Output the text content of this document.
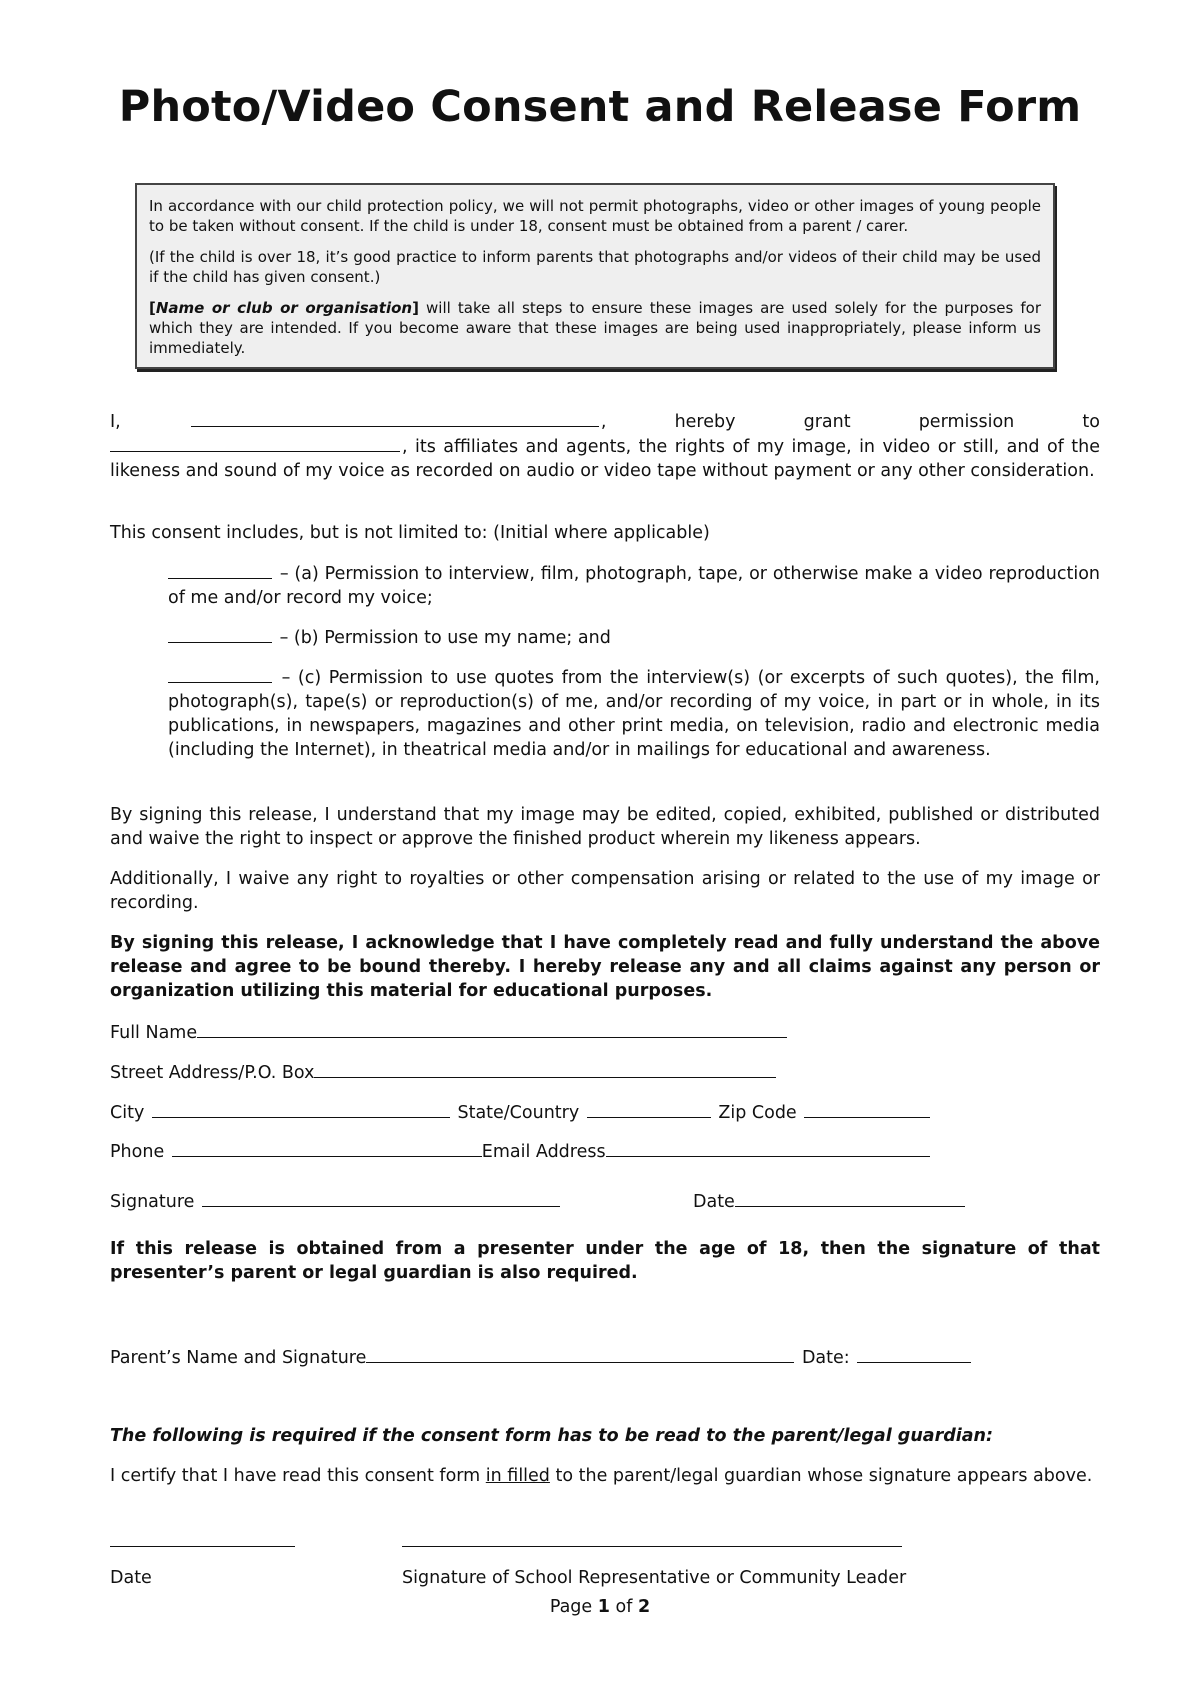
Photo/Video Consent and Release Form

In accordance with our child protection policy, we will not permit photographs, video or other images of young people to be taken without consent. If the child is under 18, consent must be obtained from a parent / carer.

(If the child is over 18, it’s good practice to inform parents that photographs and/or videos of their child may be used if the child has given consent.)

[Name or club or organisation] will take all steps to ensure these images are used solely for the purposes for which they are intended. If you become aware that these images are being used inappropriately, please inform us immediately.

I,	,	hereby	grant	permission	to
, its affiliates and agents, the rights of my image, in video or still, and of the likeness and sound of my voice as recorded on audio or video tape without payment or any other consideration.

This consent includes, but is not limited to: (Initial where applicable)

– (a) Permission to interview, film, photograph, tape, or otherwise make a video reproduction of me and/or record my voice;

– (b) Permission to use my name; and

– (c) Permission to use quotes from the interview(s) (or excerpts of such quotes), the film, photograph(s), tape(s) or reproduction(s) of me, and/or recording of my voice, in part or in whole, in its publications, in newspapers, magazines and other print media, on television, radio and electronic media (including the Internet), in theatrical media and/or in mailings for educational and awareness.

By signing this release, I understand that my image may be edited, copied, exhibited, published or distributed and waive the right to inspect or approve the finished product wherein my likeness appears.

Additionally, I waive any right to royalties or other compensation arising or related to the use of my image or recording.

By signing this release, I acknowledge that I have completely read and fully understand the above release and agree to be bound thereby. I hereby release any and all claims against any person or organization utilizing this material for educational purposes.

Full Name
Street Address/P.O. Box
City	State/Country	Zip Code
Phone	Email Address
Signature	Date

If this release is obtained from a presenter under the age of 18, then the signature of that presenter’s parent or legal guardian is also required.

Parent’s Name and Signature	Date:

The following is required if the consent form has to be read to the parent/legal guardian:

I certify that I have read this consent form in filled to the parent/legal guardian whose signature appears above.

Date	Signature of School Representative or Community Leader
Page 1 of 2
